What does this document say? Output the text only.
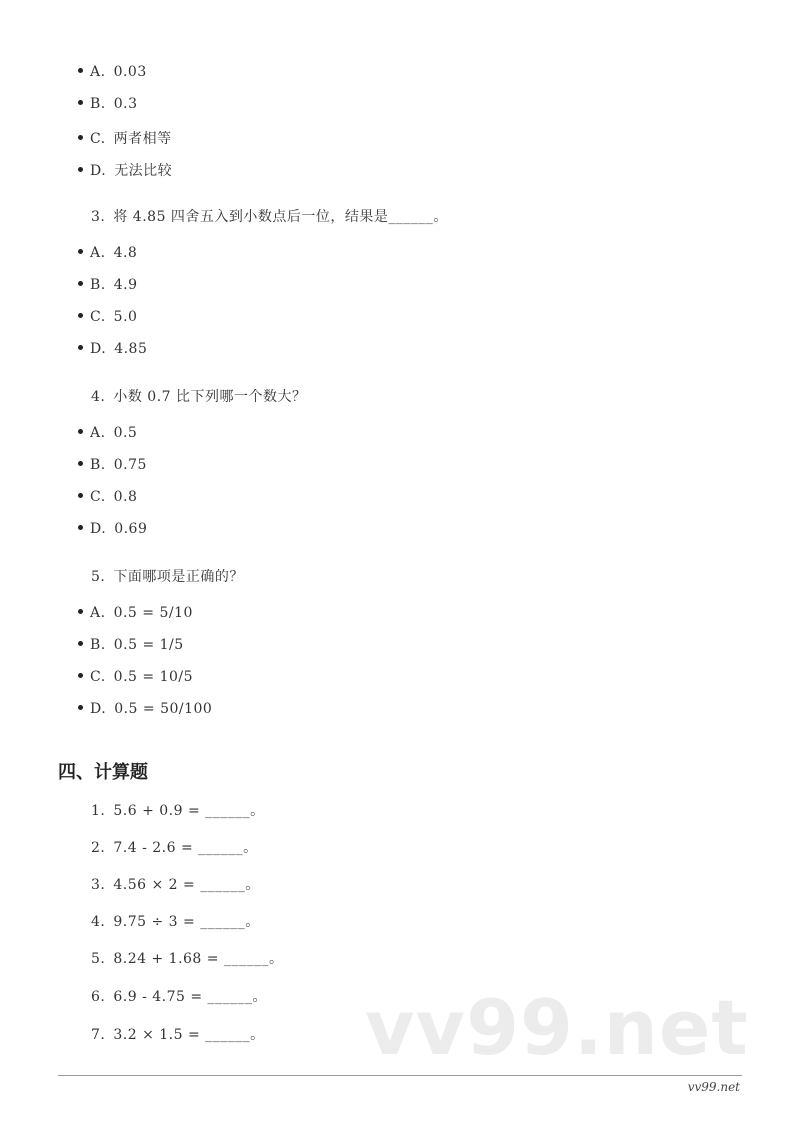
A. 0.03
B. 0.3
C. 两者相等
D. 无法比较
3. 将 4.85 四舍五入到小数点后一位，结果是______。
A. 4.8
B. 4.9
C. 5.0
D. 4.85
4. 小数 0.7 比下列哪一个数大？
A. 0.5
B. 0.75
C. 0.8
D. 0.69
5. 下面哪项是正确的？
A. 0.5 = 5/10
B. 0.5 = 1/5
C. 0.5 = 10/5
D. 0.5 = 50/100
四、计算题
1. 5.6 + 0.9 = ______。
2. 7.4 - 2.6 = ______。
3. 4.56 × 2 = ______。
4. 9.75 ÷ 3 = ______。
5. 8.24 + 1.68 = ______。
6. 6.9 - 4.75 = ______。
7. 3.2 × 1.5 = ______。 vv99.net
vv99.net
